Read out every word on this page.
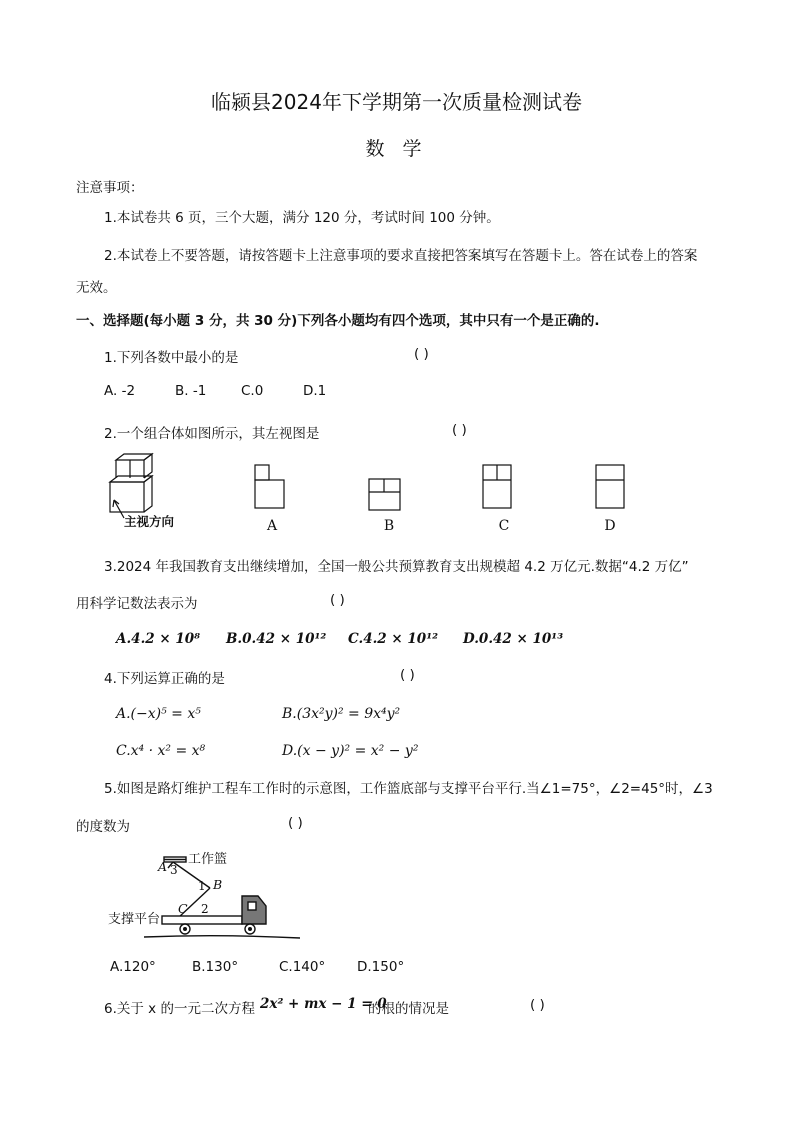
临颍县2024年下学期第一次质量检测试卷
数 学
注意事项：
1.本试卷共 6 页，三个大题，满分 120 分，考试时间 100 分钟。
2.本试卷上不要答题，请按答题卡上注意事项的要求直接把答案填写在答题卡上。答在试卷上的答案
无效。
一、选择题(每小题 3 分，共 30 分)下列各小题均有四个选项，其中只有一个是正确的.
1.下列各数中最小的是	( )
A. -2	B. -1	C.0	D.1
2.一个组合体如图所示，其左视图是	( )
主视方向	A	B	C	D
3.2024 年我国教育支出继续增加，全国一般公共预算教育支出规模超 4.2 万亿元.数据“4.2 万亿”
用科学记数法表示为	( )
A.4.2 × 10⁸ B.0.42 × 10¹² C.4.2 × 10¹² D.0.42 × 10¹³
4.下列运算正确的是	( )
A.(−x)⁵ = x⁵	B.(3x²y)² = 9x⁴y²
C.x⁴ · x² = x⁸	D.(x − y)² = x² − y²
5.如图是路灯维护工程车工作时的示意图，工作篮底部与支撑平台平行.当∠1=75°，∠2=45°时，∠3
的度数为	( )
工作篮
支撑平台
A 3
1 B
C 2
A.120°	B.130°	C.140° D.150°
6.关于 x 的一元二次方程 2x² + mx − 1 = 0
的根的情况是	( )
